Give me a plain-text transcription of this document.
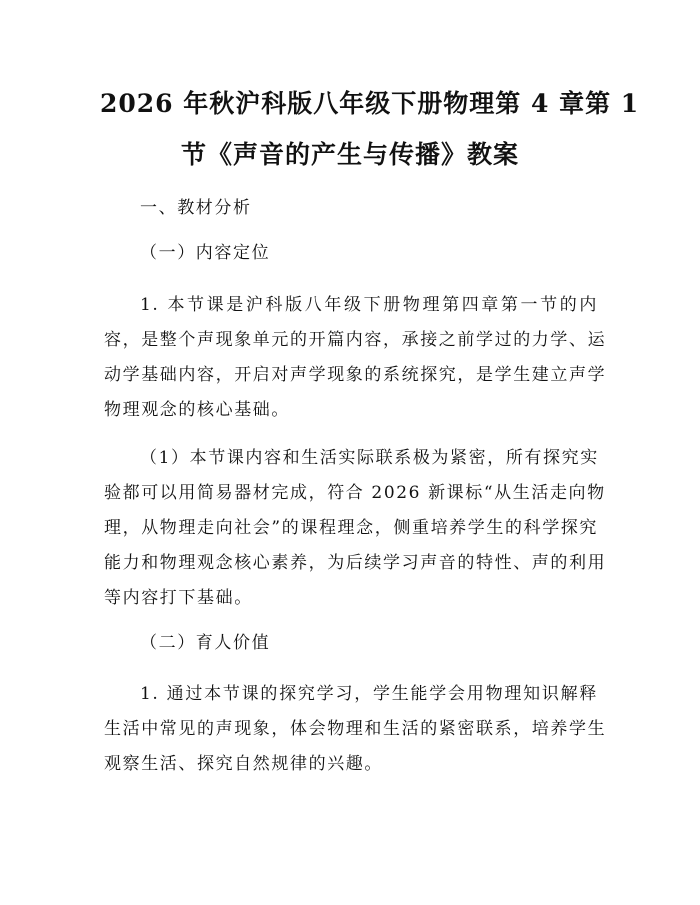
2026 年秋沪科版八年级下册物理第 4 章第 1
节《声音的产生与传播》教案
一、教材分析
（一）内容定位
1. 本节课是沪科版八年级下册物理第四章第一节的内
容，是整个声现象单元的开篇内容，承接之前学过的力学、运
动学基础内容，开启对声学现象的系统探究，是学生建立声学
物理观念的核心基础。
（1）本节课内容和生活实际联系极为紧密，所有探究实
验都可以用简易器材完成，符合 2026 新课标“从生活走向物
理，从物理走向社会”的课程理念，侧重培养学生的科学探究
能力和物理观念核心素养，为后续学习声音的特性、声的利用
等内容打下基础。
（二）育人价值
1. 通过本节课的探究学习，学生能学会用物理知识解释
生活中常见的声现象，体会物理和生活的紧密联系，培养学生
观察生活、探究自然规律的兴趣。
